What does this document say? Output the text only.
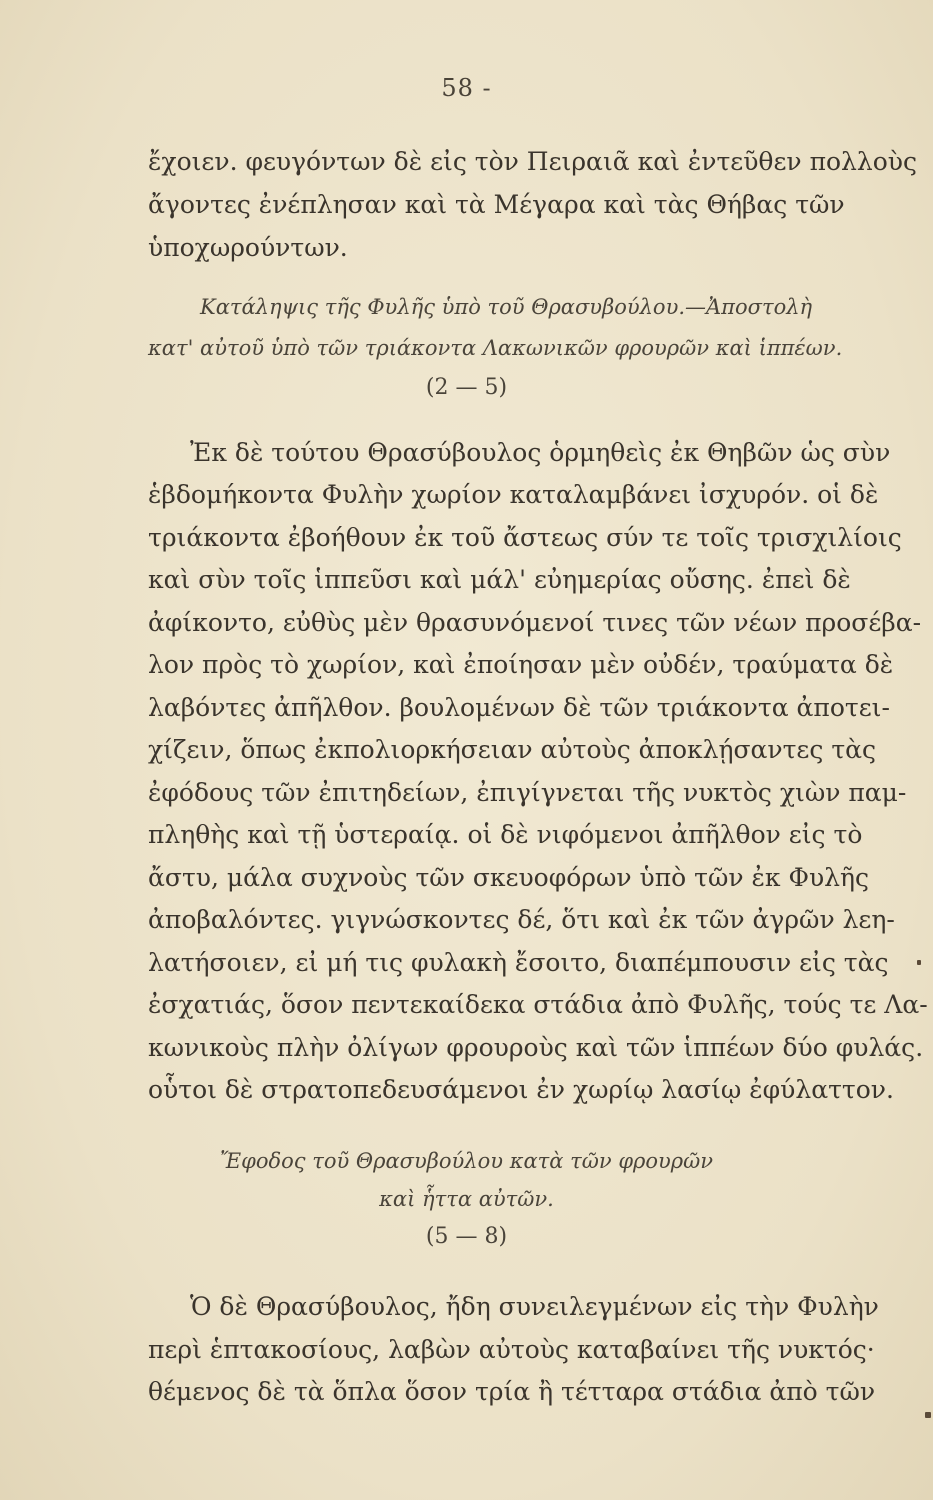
58 -
ἔχοιεν. φευγόντων δὲ εἰς τὸν Πειραιᾶ καὶ ἐντεῦθεν πολλοὺς
ἄγοντες ἐνέπλησαν καὶ τὰ Μέγαρα καὶ τὰς Θήβας τῶν
ὑποχωρούντων.
Κατάληψις τῆς Φυλῆς ὑπὸ τοῦ Θρασυβούλου.—Ἀποστολὴ
κατ' αὐτοῦ ὑπὸ τῶν τριάκοντα Λακωνικῶν φρουρῶν καὶ ἱππέων.
(2 — 5)
Ἐκ δὲ τούτου Θρασύβουλος ὁρμηθεὶς ἐκ Θηβῶν ὡς σὺν
ἑβδομήκοντα Φυλὴν χωρίον καταλαμβάνει ἰσχυρόν. οἱ δὲ
τριάκοντα ἐβοήθουν ἐκ τοῦ ἄστεως σύν τε τοῖς τρισχιλίοις
καὶ σὺν τοῖς ἱππεῦσι καὶ μάλ' εὐημερίας οὔσης. ἐπεὶ δὲ
ἀφίκοντο, εὐθὺς μὲν θρασυνόμενοί τινες τῶν νέων προσέβα-
λον πρὸς τὸ χωρίον, καὶ ἐποίησαν μὲν οὐδέν, τραύματα δὲ
λαβόντες ἀπῆλθον. βουλομένων δὲ τῶν τριάκοντα ἀποτει-
χίζειν, ὅπως ἐκπολιορκήσειαν αὐτοὺς ἀποκλῄσαντες τὰς
ἐφόδους τῶν ἐπιτηδείων, ἐπιγίγνεται τῆς νυκτὸς χιὼν παμ-
πληθὴς καὶ τῇ ὑστεραίᾳ. οἱ δὲ νιφόμενοι ἀπῆλθον εἰς τὸ
ἄστυ, μάλα συχνοὺς τῶν σκευοφόρων ὑπὸ τῶν ἐκ Φυλῆς
ἀποβαλόντες. γιγνώσκοντες δέ, ὅτι καὶ ἐκ τῶν ἀγρῶν λεη-
λατήσοιεν, εἰ μή τις φυλακὴ ἔσοιτο, διαπέμπουσιν εἰς τὰς
ἐσχατιάς, ὅσον πεντεκαίδεκα στάδια ἀπὸ Φυλῆς, τούς τε Λα-
κωνικοὺς πλὴν ὀλίγων φρουροὺς καὶ τῶν ἱππέων δύο φυλάς.
οὗτοι δὲ στρατοπεδευσάμενοι ἐν χωρίῳ λασίῳ ἐφύλαττον.
Ἔφοδος τοῦ Θρασυβούλου κατὰ τῶν φρουρῶν
καὶ ἧττα αὐτῶν.
(5 — 8)
Ὁ δὲ Θρασύβουλος, ἤδη συνειλεγμένων εἰς τὴν Φυλὴν
περὶ ἑπτακοσίους, λαβὼν αὐτοὺς καταβαίνει τῆς νυκτός·
θέμενος δὲ τὰ ὅπλα ὅσον τρία ἢ τέτταρα στάδια ἀπὸ τῶν
